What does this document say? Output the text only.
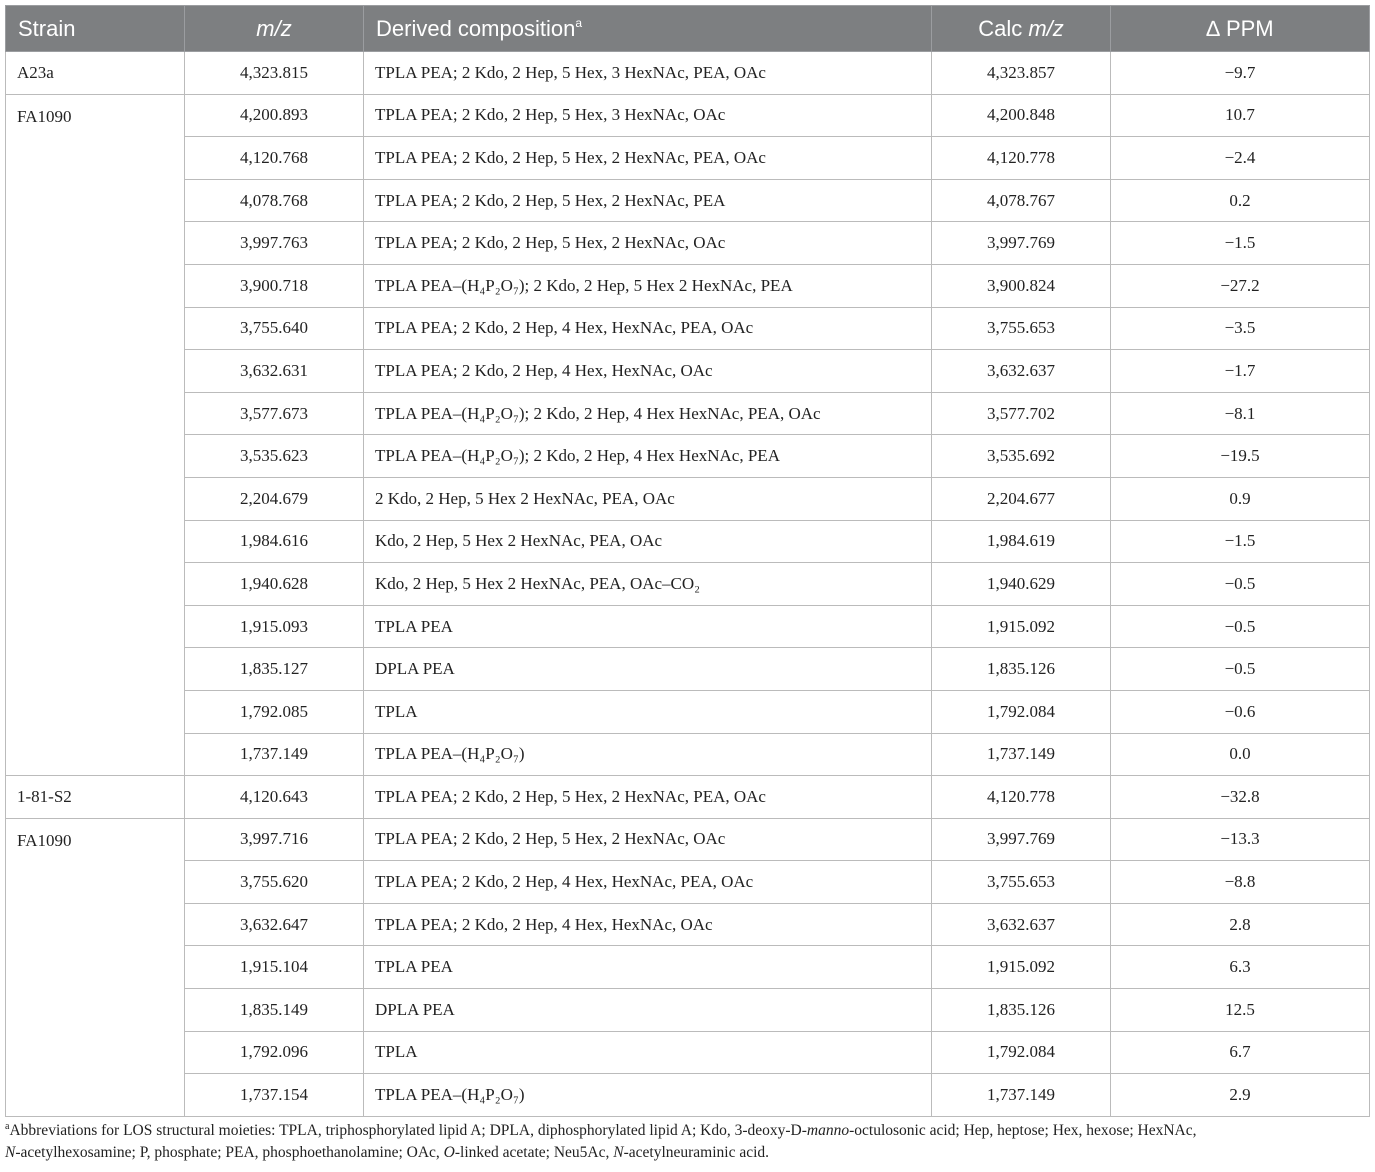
Strain	m/z	Derived composition$^a$	Calc m/z	∆ PPM
A23a	4,323.815	TPLA PEA; 2 Kdo, 2 Hep, 5 Hex, 3 HexNAc, PEA, OAc	4,323.857	−9.7
FA1090	4,200.893	TPLA PEA; 2 Kdo, 2 Hep, 5 Hex, 3 HexNAc, OAc	4,200.848	10.7
	4,120.768	TPLA PEA; 2 Kdo, 2 Hep, 5 Hex, 2 HexNAc, PEA, OAc	4,120.778	−2.4
	4,078.768	TPLA PEA; 2 Kdo, 2 Hep, 5 Hex, 2 HexNAc, PEA	4,078.767	0.2
	3,997.763	TPLA PEA; 2 Kdo, 2 Hep, 5 Hex, 2 HexNAc, OAc	3,997.769	−1.5
	3,900.718	TPLA PEA–(H₄P₂O₇); 2 Kdo, 2 Hep, 5 Hex 2 HexNAc, PEA	3,900.824	−27.2
	3,755.640	TPLA PEA; 2 Kdo, 2 Hep, 4 Hex, HexNAc, PEA, OAc	3,755.653	−3.5
	3,632.631	TPLA PEA; 2 Kdo, 2 Hep, 4 Hex, HexNAc, OAc	3,632.637	−1.7
	3,577.673	TPLA PEA–(H₄P₂O₇); 2 Kdo, 2 Hep, 4 Hex HexNAc, PEA, OAc	3,577.702	−8.1
	3,535.623	TPLA PEA–(H₄P₂O₇); 2 Kdo, 2 Hep, 4 Hex HexNAc, PEA	3,535.692	−19.5
	2,204.679	2 Kdo, 2 Hep, 5 Hex 2 HexNAc, PEA, OAc	2,204.677	0.9
	1,984.616	Kdo, 2 Hep, 5 Hex 2 HexNAc, PEA, OAc	1,984.619	−1.5
	1,940.628	Kdo, 2 Hep, 5 Hex 2 HexNAc, PEA, OAc–CO₂	1,940.629	−0.5
	1,915.093	TPLA PEA	1,915.092	−0.5
	1,835.127	DPLA PEA	1,835.126	−0.5
	1,792.085	TPLA	1,792.084	−0.6
	1,737.149	TPLA PEA–(H₄P₂O₇)	1,737.149	0.0
1-81-S2	4,120.643	TPLA PEA; 2 Kdo, 2 Hep, 5 Hex, 2 HexNAc, PEA, OAc	4,120.778	−32.8
FA1090	3,997.716	TPLA PEA; 2 Kdo, 2 Hep, 5 Hex, 2 HexNAc, OAc	3,997.769	−13.3
	3,755.620	TPLA PEA; 2 Kdo, 2 Hep, 4 Hex, HexNAc, PEA, OAc	3,755.653	−8.8
	3,632.647	TPLA PEA; 2 Kdo, 2 Hep, 4 Hex, HexNAc, OAc	3,632.637	2.8
	1,915.104	TPLA PEA	1,915.092	6.3
	1,835.149	DPLA PEA	1,835.126	12.5
	1,792.096	TPLA	1,792.084	6.7
	1,737.154	TPLA PEA–(H₄P₂O₇)	1,737.149	2.9
$^a$Abbreviations for LOS structural moieties: TPLA, triphosphorylated lipid A; DPLA, diphosphorylated lipid A; Kdo, 3-deoxy-D-manno-octulosonic acid; Hep, heptose; Hex, hexose; HexNAc,
N-acetylhexosamine; P, phosphate; PEA, phosphoethanolamine; OAc, O-linked acetate; Neu5Ac, N-acetylneuraminic acid.
